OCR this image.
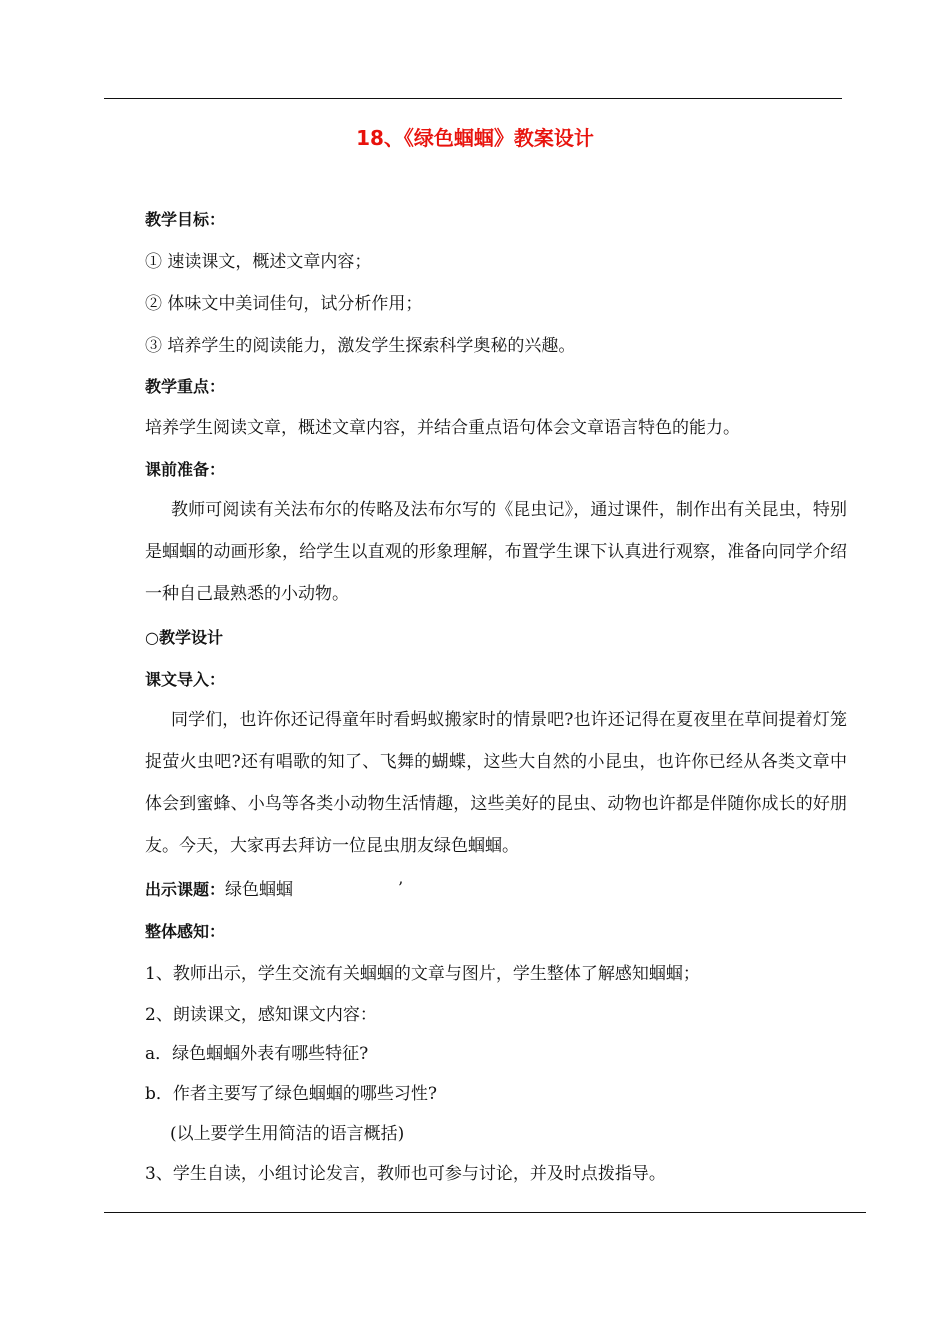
18、《绿色蝈蝈》教案设计

教学目标：

① 速读课文，概述文章内容；

② 体味文中美词佳句，试分析作用；

③ 培养学生的阅读能力，激发学生探索科学奥秘的兴趣。

教学重点：

培养学生阅读文章，概述文章内容，并结合重点语句体会文章语言特色的能力。

课前准备：

教师可阅读有关法布尔的传略及法布尔写的《昆虫记》，通过课件，制作出有关昆虫，特别是蝈蝈的动画形象，给学生以直观的形象理解，布置学生课下认真进行观察，准备向同学介绍一种自己最熟悉的小动物。

○教学设计

课文导入：

同学们，也许你还记得童年时看蚂蚁搬家时的情景吧?也许还记得在夏夜里在草间提着灯笼捉萤火虫吧?还有唱歌的知了、飞舞的蝴蝶，这些大自然的小昆虫，也许你已经从各类文章中体会到蜜蜂、小鸟等各类小动物生活情趣，这些美好的昆虫、动物也许都是伴随你成长的好朋友。今天，大家再去拜访一位昆虫朋友绿色蝈蝈。

出示课题：绿色蝈蝈	’

整体感知：

1、教师出示，学生交流有关蝈蝈的文章与图片，学生整体了解感知蝈蝈；

2、朗读课文，感知课文内容：

a．绿色蝈蝈外表有哪些特征?

b．作者主要写了绿色蝈蝈的哪些习性?

(以上要学生用简洁的语言概括)

3、学生自读，小组讨论发言，教师也可参与讨论，并及时点拨指导。
